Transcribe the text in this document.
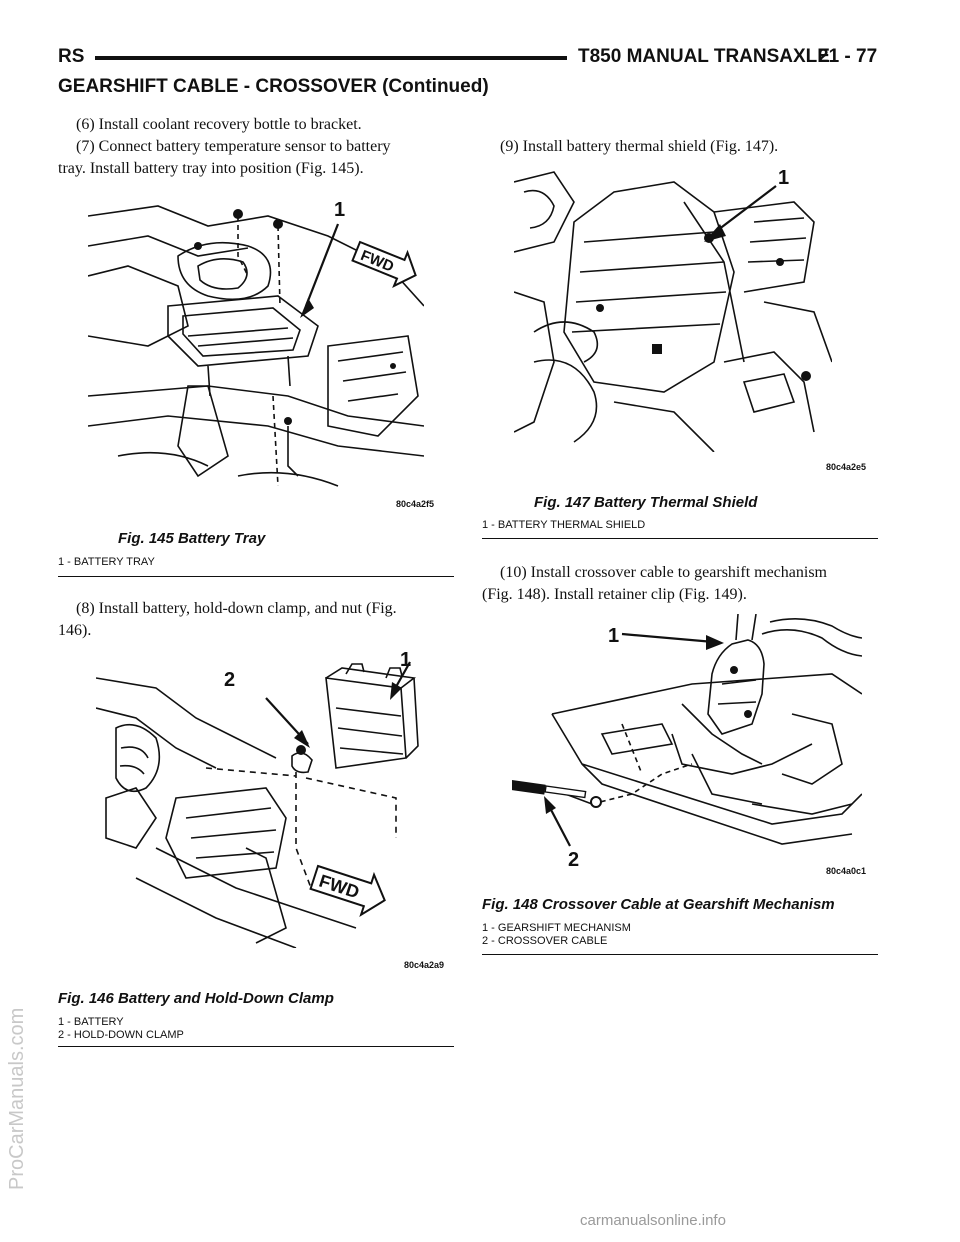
RS	T850 MANUAL TRANSAXLE
21 - 77
GEARSHIFT CABLE - CROSSOVER (Continued)
(6) Install coolant recovery bottle to bracket.
(7) Connect battery temperature sensor to battery
tray. Install battery tray into position (Fig. 145).
1
FWD
80c4a2f5
Fig. 145 Battery Tray
1 - BATTERY TRAY
(8) Install battery, hold-down clamp, and nut (Fig.
146).
2
1
FWD
80c4a2a9
Fig. 146 Battery and Hold-Down Clamp
1 - BATTERY
2 - HOLD-DOWN CLAMP
(9) Install battery thermal shield (Fig. 147).
1
80c4a2e5
Fig. 147 Battery Thermal Shield
1 - BATTERY THERMAL SHIELD
(10) Install crossover cable to gearshift mechanism
(Fig. 148). Install retainer clip (Fig. 149).
1
2	80c4a0c1
Fig. 148 Crossover Cable at Gearshift Mechanism
1 - GEARSHIFT MECHANISM
2 - CROSSOVER CABLE
ProCarManuals.com
carmanualsonline.info
